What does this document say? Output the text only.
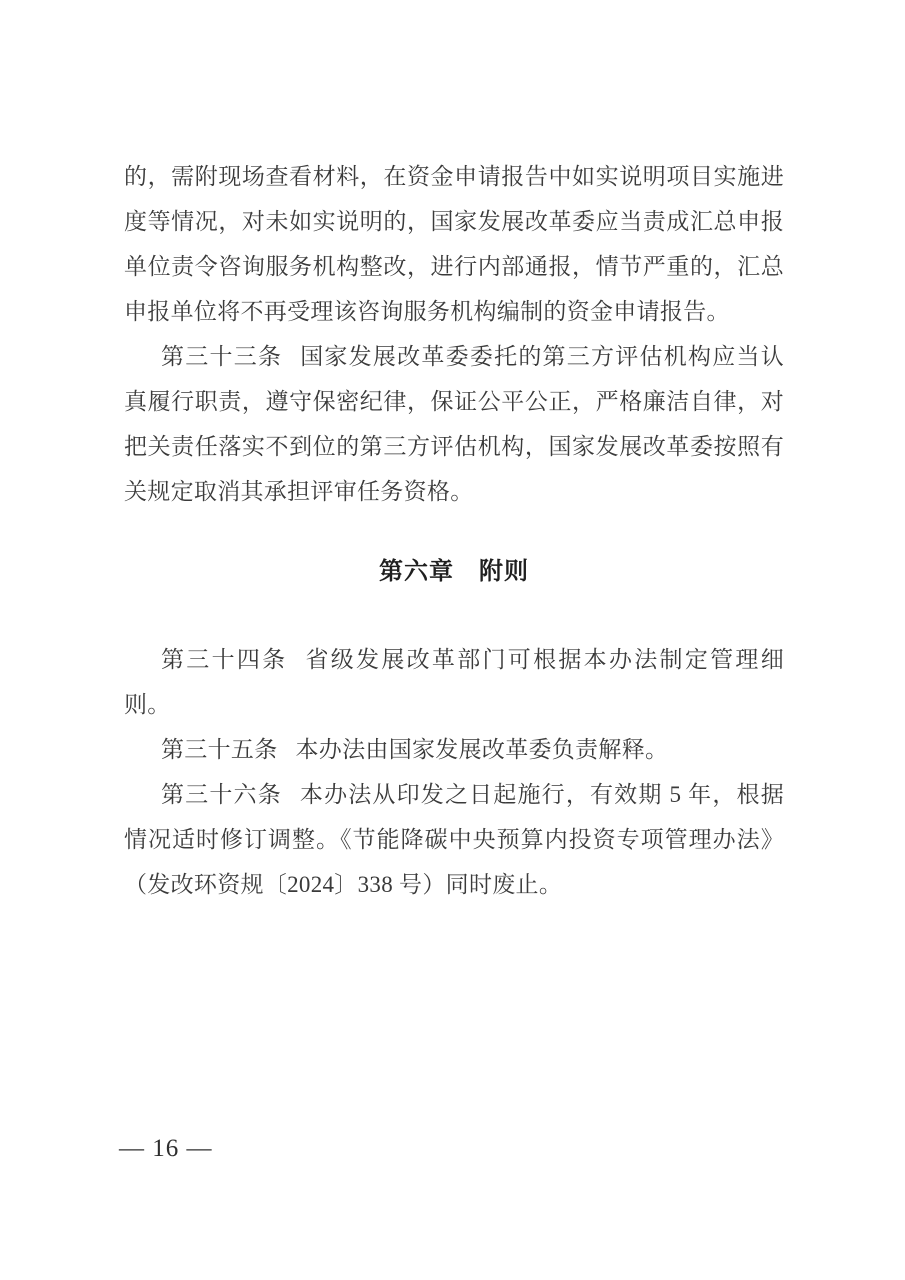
的，需附现场查看材料，在资金申请报告中如实说明项目实施进度等情况，对未如实说明的，国家发展改革委应当责成汇总申报单位责令咨询服务机构整改，进行内部通报，情节严重的，汇总申报单位将不再受理该咨询服务机构编制的资金申请报告。

第三十三条 国家发展改革委委托的第三方评估机构应当认真履行职责，遵守保密纪律，保证公平公正，严格廉洁自律，对把关责任落实不到位的第三方评估机构，国家发展改革委按照有关规定取消其承担评审任务资格。

第六章　附则

第三十四条 省级发展改革部门可根据本办法制定管理细则。

第三十五条 本办法由国家发展改革委负责解释。

第三十六条 本办法从印发之日起施行，有效期 5 年，根据情况适时修订调整。《节能降碳中央预算内投资专项管理办法》（发改环资规〔2024〕338 号）同时废止。

— 16 —
